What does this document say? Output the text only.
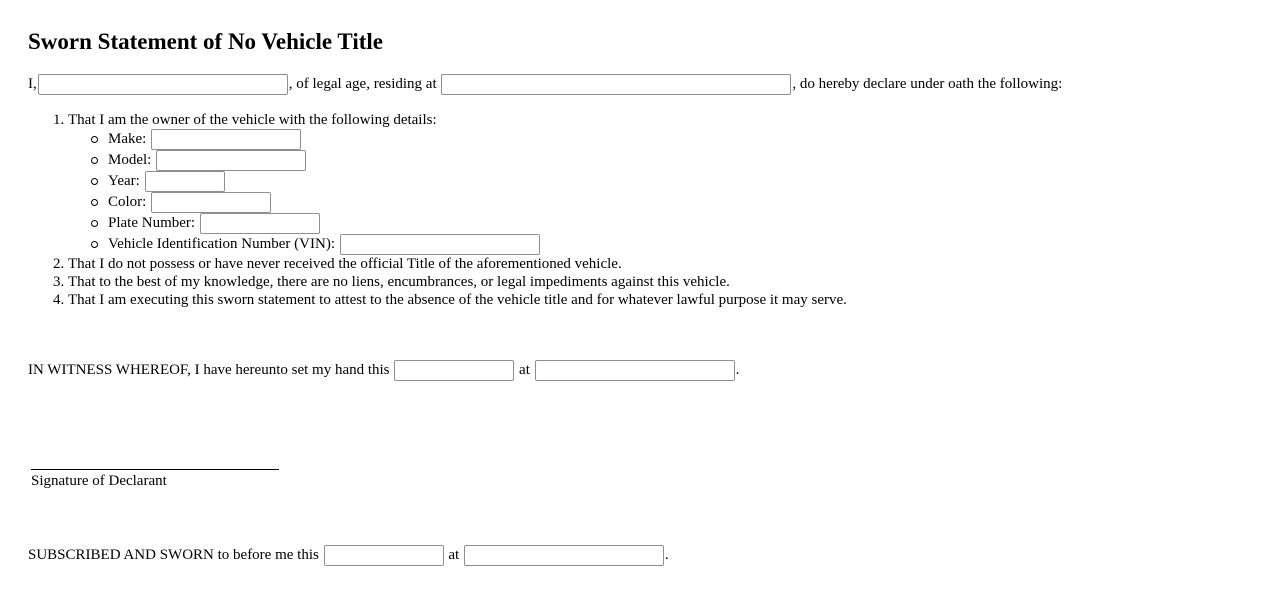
Sworn Statement of No Vehicle Title
I,	, of legal age, residing at	, do hereby declare under oath the following:
1. That I am the owner of the vehicle with the following details:
Make:
Model:
Year:
Color:
Plate Number:
Vehicle Identification Number (VIN):
2. That I do not possess or have never received the official Title of the aforementioned vehicle.
3. That to the best of my knowledge, there are no liens, encumbrances, or legal impediments against this vehicle.
4. That I am executing this sworn statement to attest to the absence of the vehicle title and for whatever lawful purpose it may serve.
IN WITNESS WHEREOF, I have hereunto set my hand this	at	.
Signature of Declarant
SUBSCRIBED AND SWORN to before me this	at	.
